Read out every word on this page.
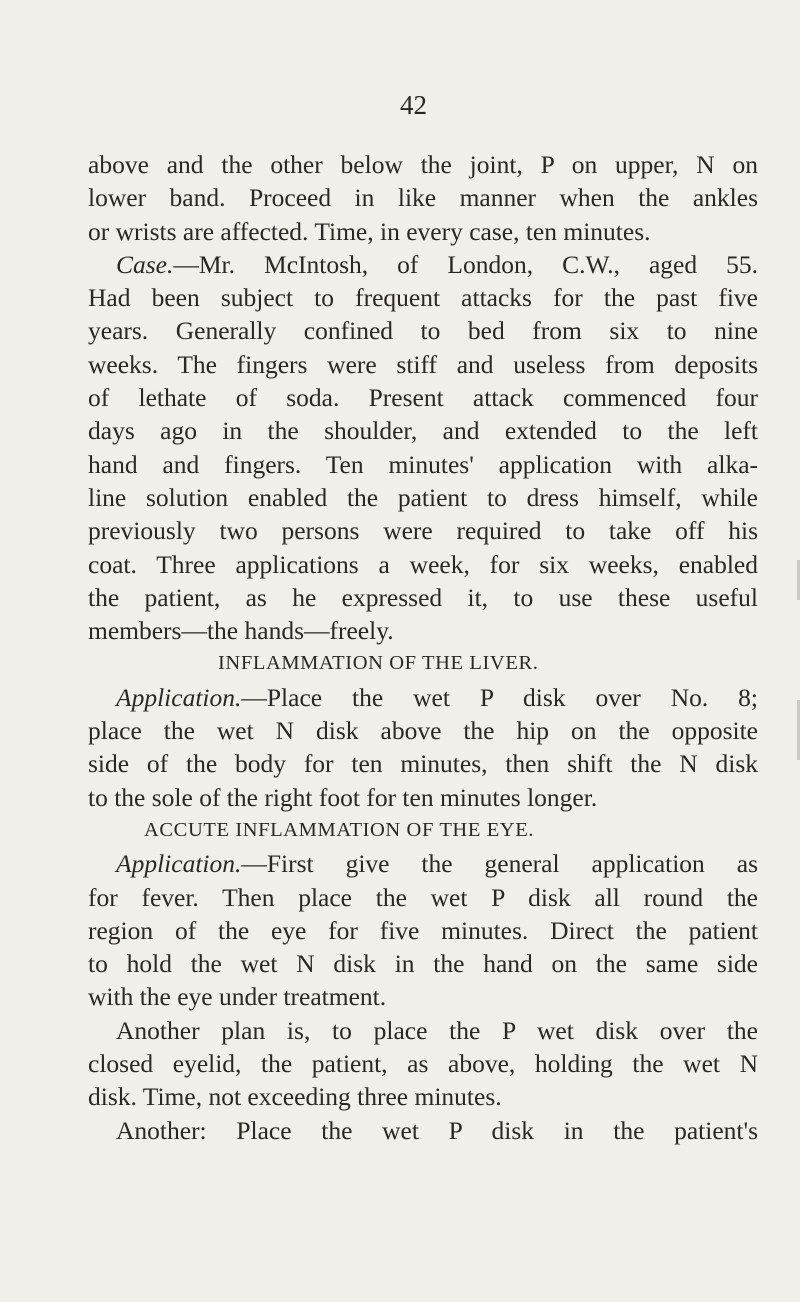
42
above and the other below the joint, P on upper, N on
lower band. Proceed in like manner when the ankles
or wrists are affected. Time, in every case, ten minutes.
Case.—Mr. McIntosh, of London, C.W., aged 55.
Had been subject to frequent attacks for the past five
years. Generally confined to bed from six to nine
weeks. The fingers were stiff and useless from deposits
of lethate of soda. Present attack commenced four
days ago in the shoulder, and extended to the left
hand and fingers. Ten minutes' application with alka-
line solution enabled the patient to dress himself, while
previously two persons were required to take off his
coat. Three applications a week, for six weeks, enabled
the patient, as he expressed it, to use these useful
members—the hands—freely.
INFLAMMATION OF THE LIVER.
Application.—Place the wet P disk over No. 8;
place the wet N disk above the hip on the opposite
side of the body for ten minutes, then shift the N disk
to the sole of the right foot for ten minutes longer.
ACCUTE INFLAMMATION OF THE EYE.
Application.—First give the general application as
for fever. Then place the wet P disk all round the
region of the eye for five minutes. Direct the patient
to hold the wet N disk in the hand on the same side
with the eye under treatment.
Another plan is, to place the P wet disk over the
closed eyelid, the patient, as above, holding the wet N
disk. Time, not exceeding three minutes.
Another: Place the wet P disk in the patient's
